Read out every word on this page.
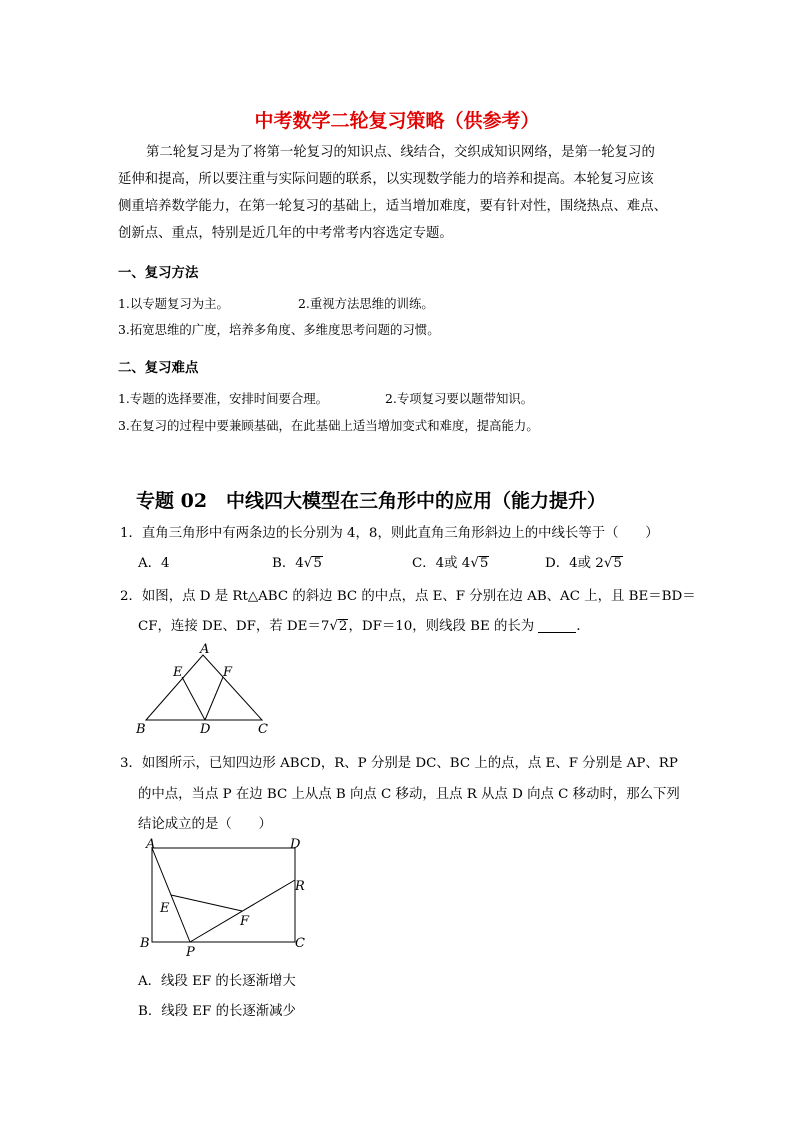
中考数学二轮复习策略（供参考）
第二轮复习是为了将第一轮复习的知识点、线结合，交织成知识网络，是第一轮复习的
延伸和提高，所以要注重与实际问题的联系，以实现数学能力的培养和提高。本轮复习应该
侧重培养数学能力，在第一轮复习的基础上，适当增加难度，要有针对性，围绕热点、难点、
创新点、重点，特别是近几年的中考常考内容选定专题。
一、复习方法
1.以专题复习为主。	2.重视方法思维的训练。
3.拓宽思维的广度，培养多角度、多维度思考问题的习惯。
二、复习难点
1.专题的选择要准，安排时间要合理。	2.专项复习要以题带知识。
3.在复习的过程中要兼顾基础，在此基础上适当增加变式和难度，提高能力。
专题 02　中线四大模型在三角形中的应用（能力提升）
1．直角三角形中有两条边的长分别为 4，8，则此直角三角形斜边上的中线长等于（　　）
A．4	B．4√5	C．4或 4√5	D．4或 2√5
2．如图，点 D 是 Rt△ABC 的斜边 BC 的中点，点 E、F 分别在边 AB、AC 上，且 BE＝BD＝
CF，连接 DE、DF，若 DE＝7√2，DF＝10，则线段 BE 的长为	．
A
B	C
D
E	F
3．如图所示，已知四边形 ABCD，R、P 分别是 DC、BC 上的点，点 E、F 分别是 AP、RP
的中点，当点 P 在边 BC 上从点 B 向点 C 移动，且点 R 从点 D 向点 C 移动时，那么下列
结论成立的是（　　）
A	D
B	C
R
E
F
P
A．线段 EF 的长逐渐增大
B．线段 EF 的长逐渐减少
